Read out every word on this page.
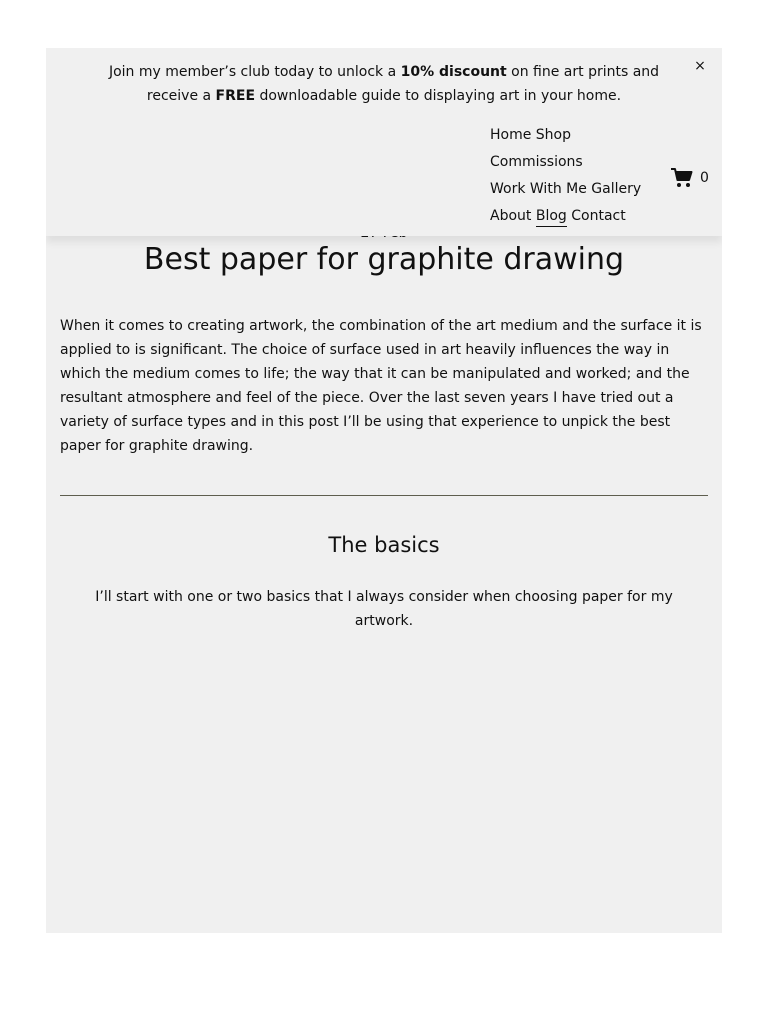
Join my member’s club today to unlock a 10% discount on fine art prints and receive a FREE downloadable guide to displaying art in your home.
×
Home Shop
Commissions
Work With Me Gallery
About Blog Contact
0
Best paper for graphite drawing

When it comes to creating artwork, the combination of the art medium and the surface it is applied to is significant. The choice of surface used in art heavily influences the way in which the medium comes to life; the way that it can be manipulated and worked; and the resultant atmosphere and feel of the piece. Over the last seven years I have tried out a variety of surface types and in this post I’ll be using that experience to unpick the best paper for graphite drawing.

The basics

I’ll start with one or two basics that I always consider when choosing paper for my artwork.
